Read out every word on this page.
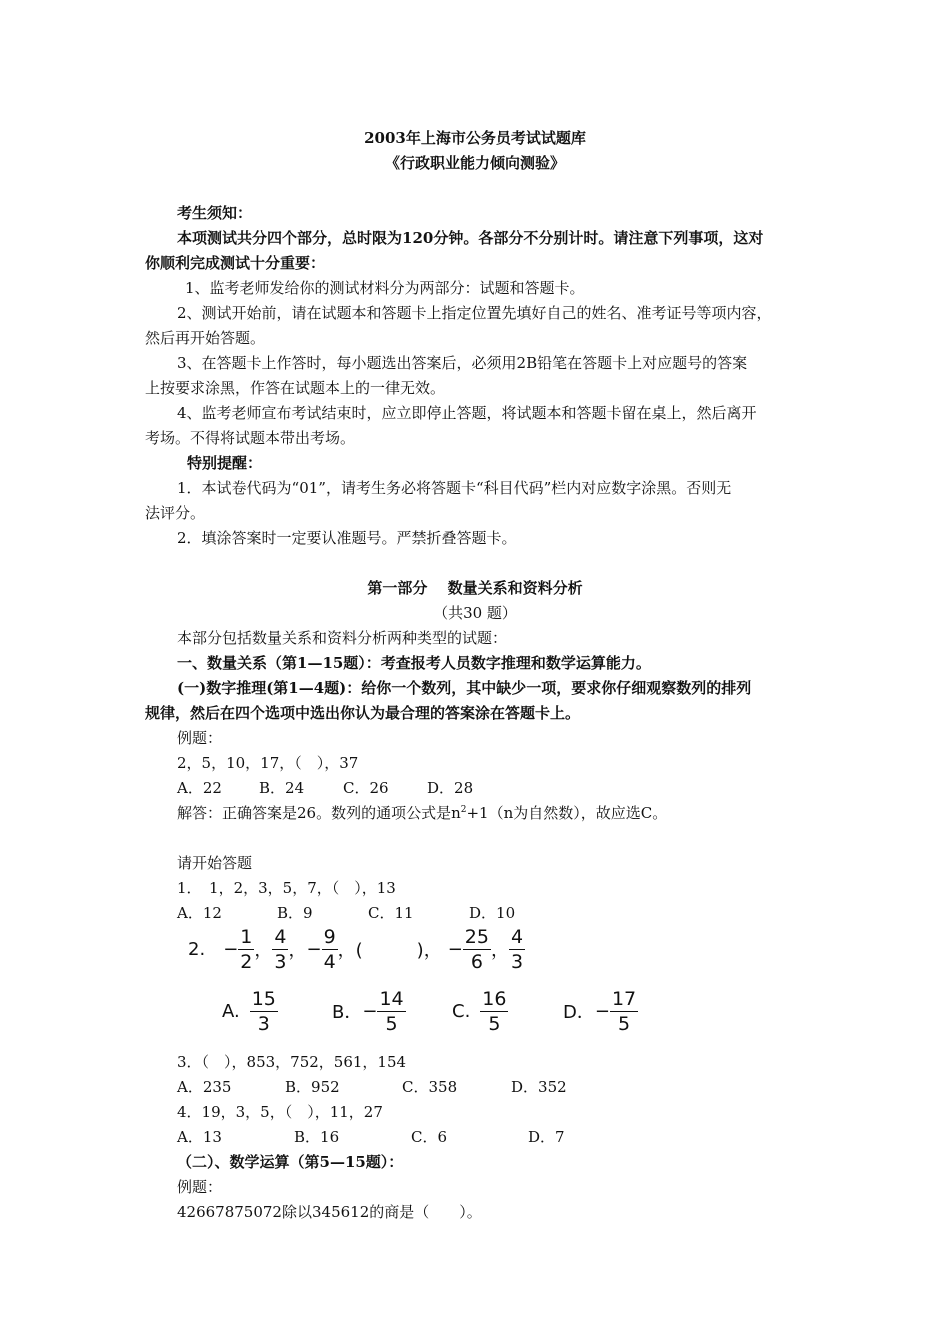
2003年上海市公务员考试试题库
《行政职业能力倾向测验》
考生须知：
本项测试共分四个部分，总时限为120分钟。各部分不分别计时。请注意下列事项，这对
你顺利完成测试十分重要：
1、监考老师发给你的测试材料分为两部分：试题和答题卡。
2、测试开始前，请在试题本和答题卡上指定位置先填好自己的姓名、准考证号等项内容，
然后再开始答题。
3、在答题卡上作答时，每小题选出答案后，必须用2B铅笔在答题卡上对应题号的答案
上按要求涂黑，作答在试题本上的一律无效。
4、监考老师宣布考试结束时，应立即停止答题，将试题本和答题卡留在桌上，然后离开
考场。不得将试题本带出考场。
特别提醒：
1．本试卷代码为“01”，请考生务必将答题卡“科目代码”栏内对应数字涂黑。否则无
法评分。
2．填涂答案时一定要认准题号。严禁折叠答题卡。
第一部分　 数量关系和资料分析
（共30 题）
本部分包括数量关系和资料分析两种类型的试题：
一、数量关系（第1—15题）：考查报考人员数字推理和数学运算能力。
(一)数字推理(第1—4题)：给你一个数列，其中缺少一项，要求你仔细观察数列的排列
规律，然后在四个选项中选出你认为最合理的答案涂在答题卡上。
例题：
2，5，10，17，（　），37
A．22 B．24	C．26	D．28
解答：正确答案是26。数列的通项公式是$n^2+1(n$为自然数），故应选C。
请开始答题
1．　1，2，3，5，7，（　），13
A．12	B．9	C．11	D．10
2. − $\frac{1}{2}$ ， $\frac{4}{3}$ ， − $\frac{9}{4}$ ， (　　　)， − $\frac{25}{6}$ ， $\frac{4}{3}$
A. $\frac{15}{3}$	B． − $\frac{14}{5}$	C. $\frac{16}{5}$	D． − $\frac{17}{5}$
3．（　），853，752，561，154
A．235	B．952	C．358	D．352
4．19，3，5，（　），11，27
A．13	B．16	C．6	D．7
（二）、数学运算（第5—15题）：
例题：
42667875072除以345612的商是（　　）。
